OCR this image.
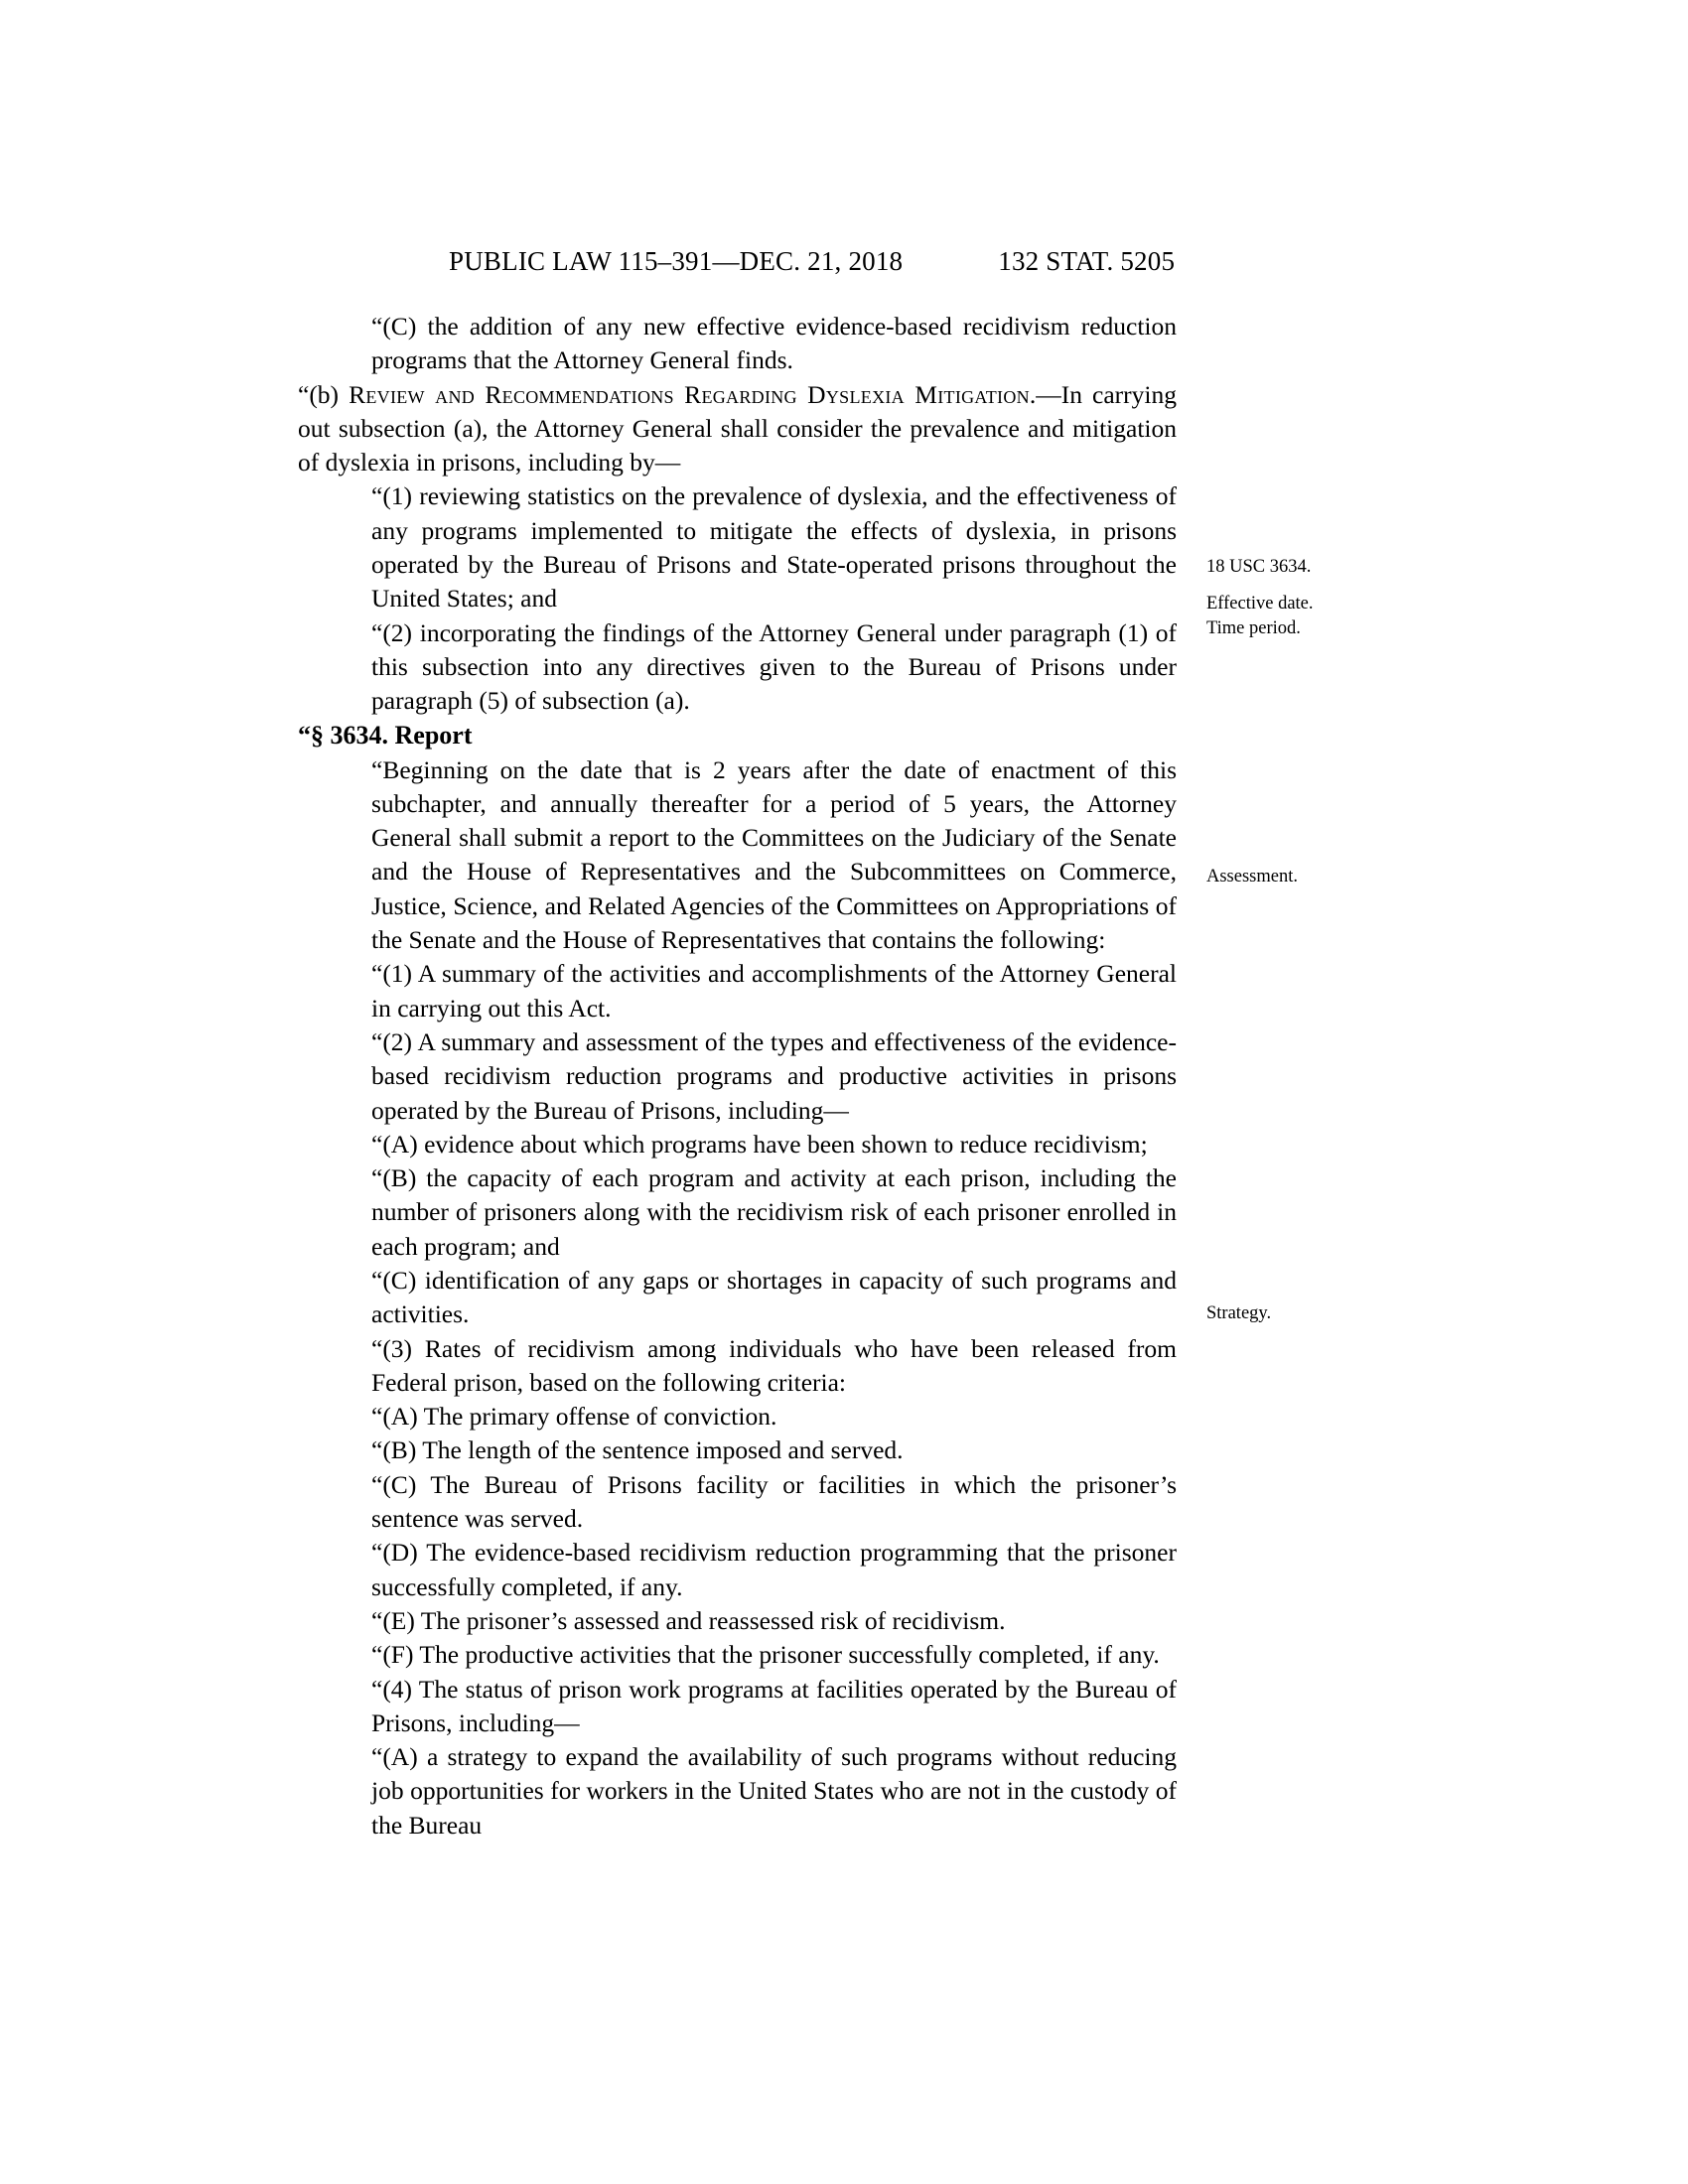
PUBLIC LAW 115–391—DEC. 21, 2018	132 STAT. 5205

“(C) the addition of any new effective evidence-based recidivism reduction programs that the Attorney General finds.

“(b) Review and Recommendations Regarding Dyslexia Mitigation.—In carrying out subsection (a), the Attorney General shall consider the prevalence and mitigation of dyslexia in prisons, including by—

“(1) reviewing statistics on the prevalence of dyslexia, and the effectiveness of any programs implemented to mitigate the effects of dyslexia, in prisons operated by the Bureau of Prisons and State-operated prisons throughout the United States; and

“(2) incorporating the findings of the Attorney General under paragraph (1) of this subsection into any directives given to the Bureau of Prisons under paragraph (5) of subsection (a).

“§ 3634. Report

“Beginning on the date that is 2 years after the date of enactment of this subchapter, and annually thereafter for a period of 5 years, the Attorney General shall submit a report to the Committees on the Judiciary of the Senate and the House of Representatives and the Subcommittees on Commerce, Justice, Science, and Related Agencies of the Committees on Appropriations of the Senate and the House of Representatives that contains the following:

“(1) A summary of the activities and accomplishments of the Attorney General in carrying out this Act.

“(2) A summary and assessment of the types and effectiveness of the evidence-based recidivism reduction programs and productive activities in prisons operated by the Bureau of Prisons, including—

“(A) evidence about which programs have been shown to reduce recidivism;

“(B) the capacity of each program and activity at each prison, including the number of prisoners along with the recidivism risk of each prisoner enrolled in each program; and

“(C) identification of any gaps or shortages in capacity of such programs and activities.

“(3) Rates of recidivism among individuals who have been released from Federal prison, based on the following criteria:

“(A) The primary offense of conviction.

“(B) The length of the sentence imposed and served.

“(C) The Bureau of Prisons facility or facilities in which the prisoner’s sentence was served.

“(D) The evidence-based recidivism reduction programming that the prisoner successfully completed, if any.

“(E) The prisoner’s assessed and reassessed risk of recidivism.

“(F) The productive activities that the prisoner successfully completed, if any.

“(4) The status of prison work programs at facilities operated by the Bureau of Prisons, including—

“(A) a strategy to expand the availability of such programs without reducing job opportunities for workers in the United States who are not in the custody of the Bureau

18 USC 3634.
Effective date.
Time period.
Assessment.
Strategy.
